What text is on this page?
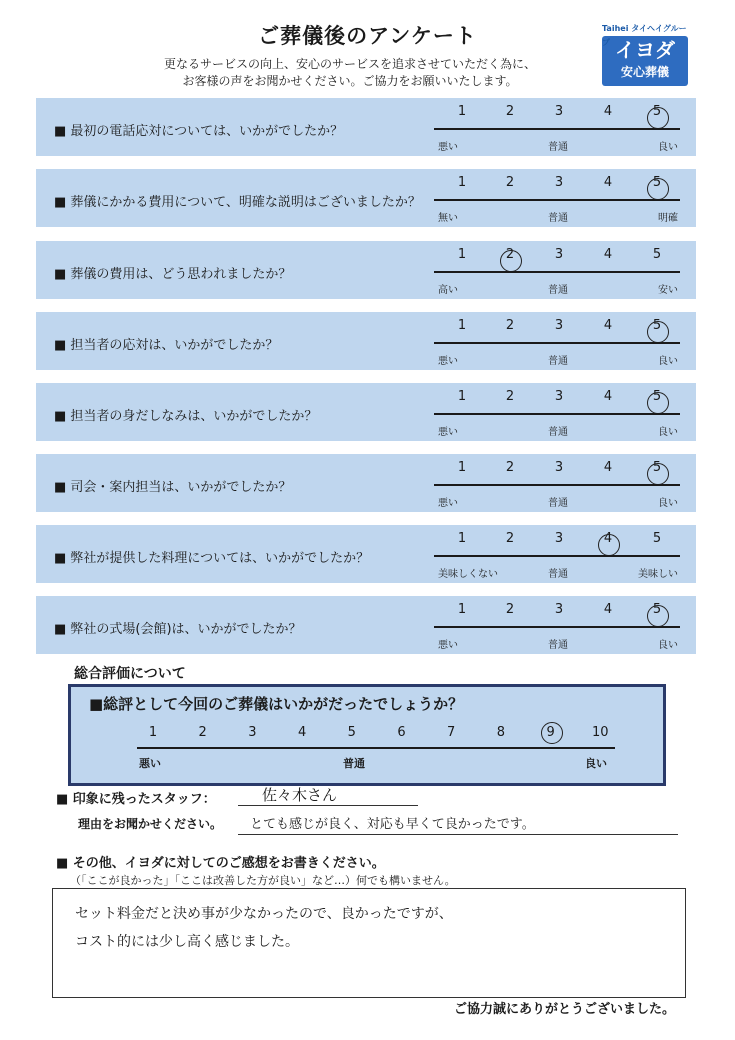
ご葬儀後のアンケート
更なるサービスの向上、安心のサービスを追求させていただく為に、
お客様の声をお聞かせください。ご協力をお願いいたします。
Taihei タイヘイグループ イヨダ
安心葬儀
■ 最初の電話応対については、いかがでしたか？
1	2	3	4	5
悪い	普通	良い
■ 葬儀にかかる費用について、明確な説明はございましたか？
1	2	3	4	5
無い	普通	明確
■ 葬儀の費用は、どう思われましたか？
1	2	3	4	5
高い	普通	安い
■ 担当者の応対は、いかがでしたか？
1	2	3	4	5
悪い	普通	良い
■ 担当者の身だしなみは、いかがでしたか？
1	2	3	4	5
悪い	普通	良い
■ 司会・案内担当は、いかがでしたか？
1	2	3	4	5
悪い	普通	良い
■ 弊社が提供した料理については、いかがでしたか？
1	2	3	4	5
美味しくない	普通	美味しい
■ 弊社の式場(会館)は、いかがでしたか？
1	2	3	4	5
悪い	普通	良い
総合評価について
■総評として今回のご葬儀はいかがだったでしょうか？
悪い	普通	良い
1	2	3	4	5	6	7	8	9	10
■ 印象に残ったスタッフ：	佐々木さん
理由をお聞かせください。 とても感じが良く、対応も早くて良かったです。
■ その他、イヨダに対してのご感想をお書きください。
（「ここが良かった」「ここは改善した方が良い」など…）何でも構いません。
セット料金だと決め事が少なかったので、良かったですが、
コスト的には少し高く感じました。
ご協力誠にありがとうございました。
